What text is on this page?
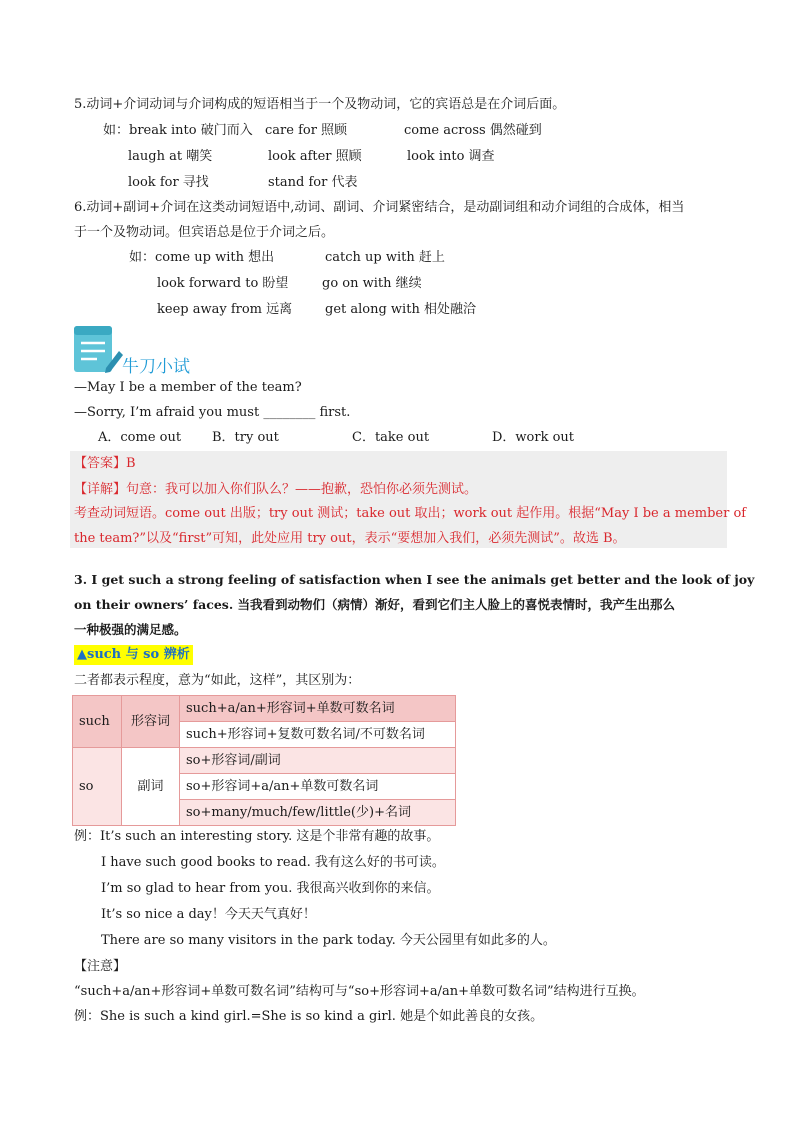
5.动词+介词动词与介词构成的短语相当于一个及物动词，它的宾语总是在介词后面。
如：break into 破门而入 care for 照顾	come across 偶然碰到
laugh at 嘲笑	look after 照顾	look into 调查
look for 寻找	stand for 代表
6.动词+副词+介词在这类动词短语中,动词、副词、介词紧密结合，是动副词组和动介词组的合成体，相当
于一个及物动词。但宾语总是位于介词之后。
如：come up with 想出	catch up with 赶上
look forward to 盼望	go on with 继续
keep away from 远离	get along with 相处融洽
牛刀小试
—May I be a member of the team?
—Sorry, I’m afraid you must ________ first.
A．come out B．try out	C．take out	D．work out
【答案】B
【详解】句意：我可以加入你们队么？——抱歉，恐怕你必须先测试。
考查动词短语。come out 出版；try out 测试；take out 取出；work out 起作用。根据“May I be a member of
the team?”以及“first”可知，此处应用 try out，表示“要想加入我们，必须先测试”。故选 B。
3. I get such a strong feeling of satisfaction when I see the animals get better and the look of joy
on their owners’ faces. 当我看到动物们（病情）渐好，看到它们主人脸上的喜悦表情时，我产生出那么
一种极强的满足感。
▲such 与 so 辨析
二者都表示程度，意为“如此，这样”，其区别为：
such	形容词	such+a/an+形容词+单数可数名词
		such+形容词+复数可数名词/不可数名词
so	副词	so+形容词/副词
		so+形容词+a/an+单数可数名词
		so+many/much/few/little(少)+名词
例：It’s such an interesting story. 这是个非常有趣的故事。
I have such good books to read. 我有这么好的书可读。
I’m so glad to hear from you. 我很高兴收到你的来信。
It’s so nice a day！今天天气真好！
There are so many visitors in the park today. 今天公园里有如此多的人。
【注意】
“such+a/an+形容词+单数可数名词”结构可与“so+形容词+a/an+单数可数名词”结构进行互换。
例：She is such a kind girl.=She is so kind a girl. 她是个如此善良的女孩。
